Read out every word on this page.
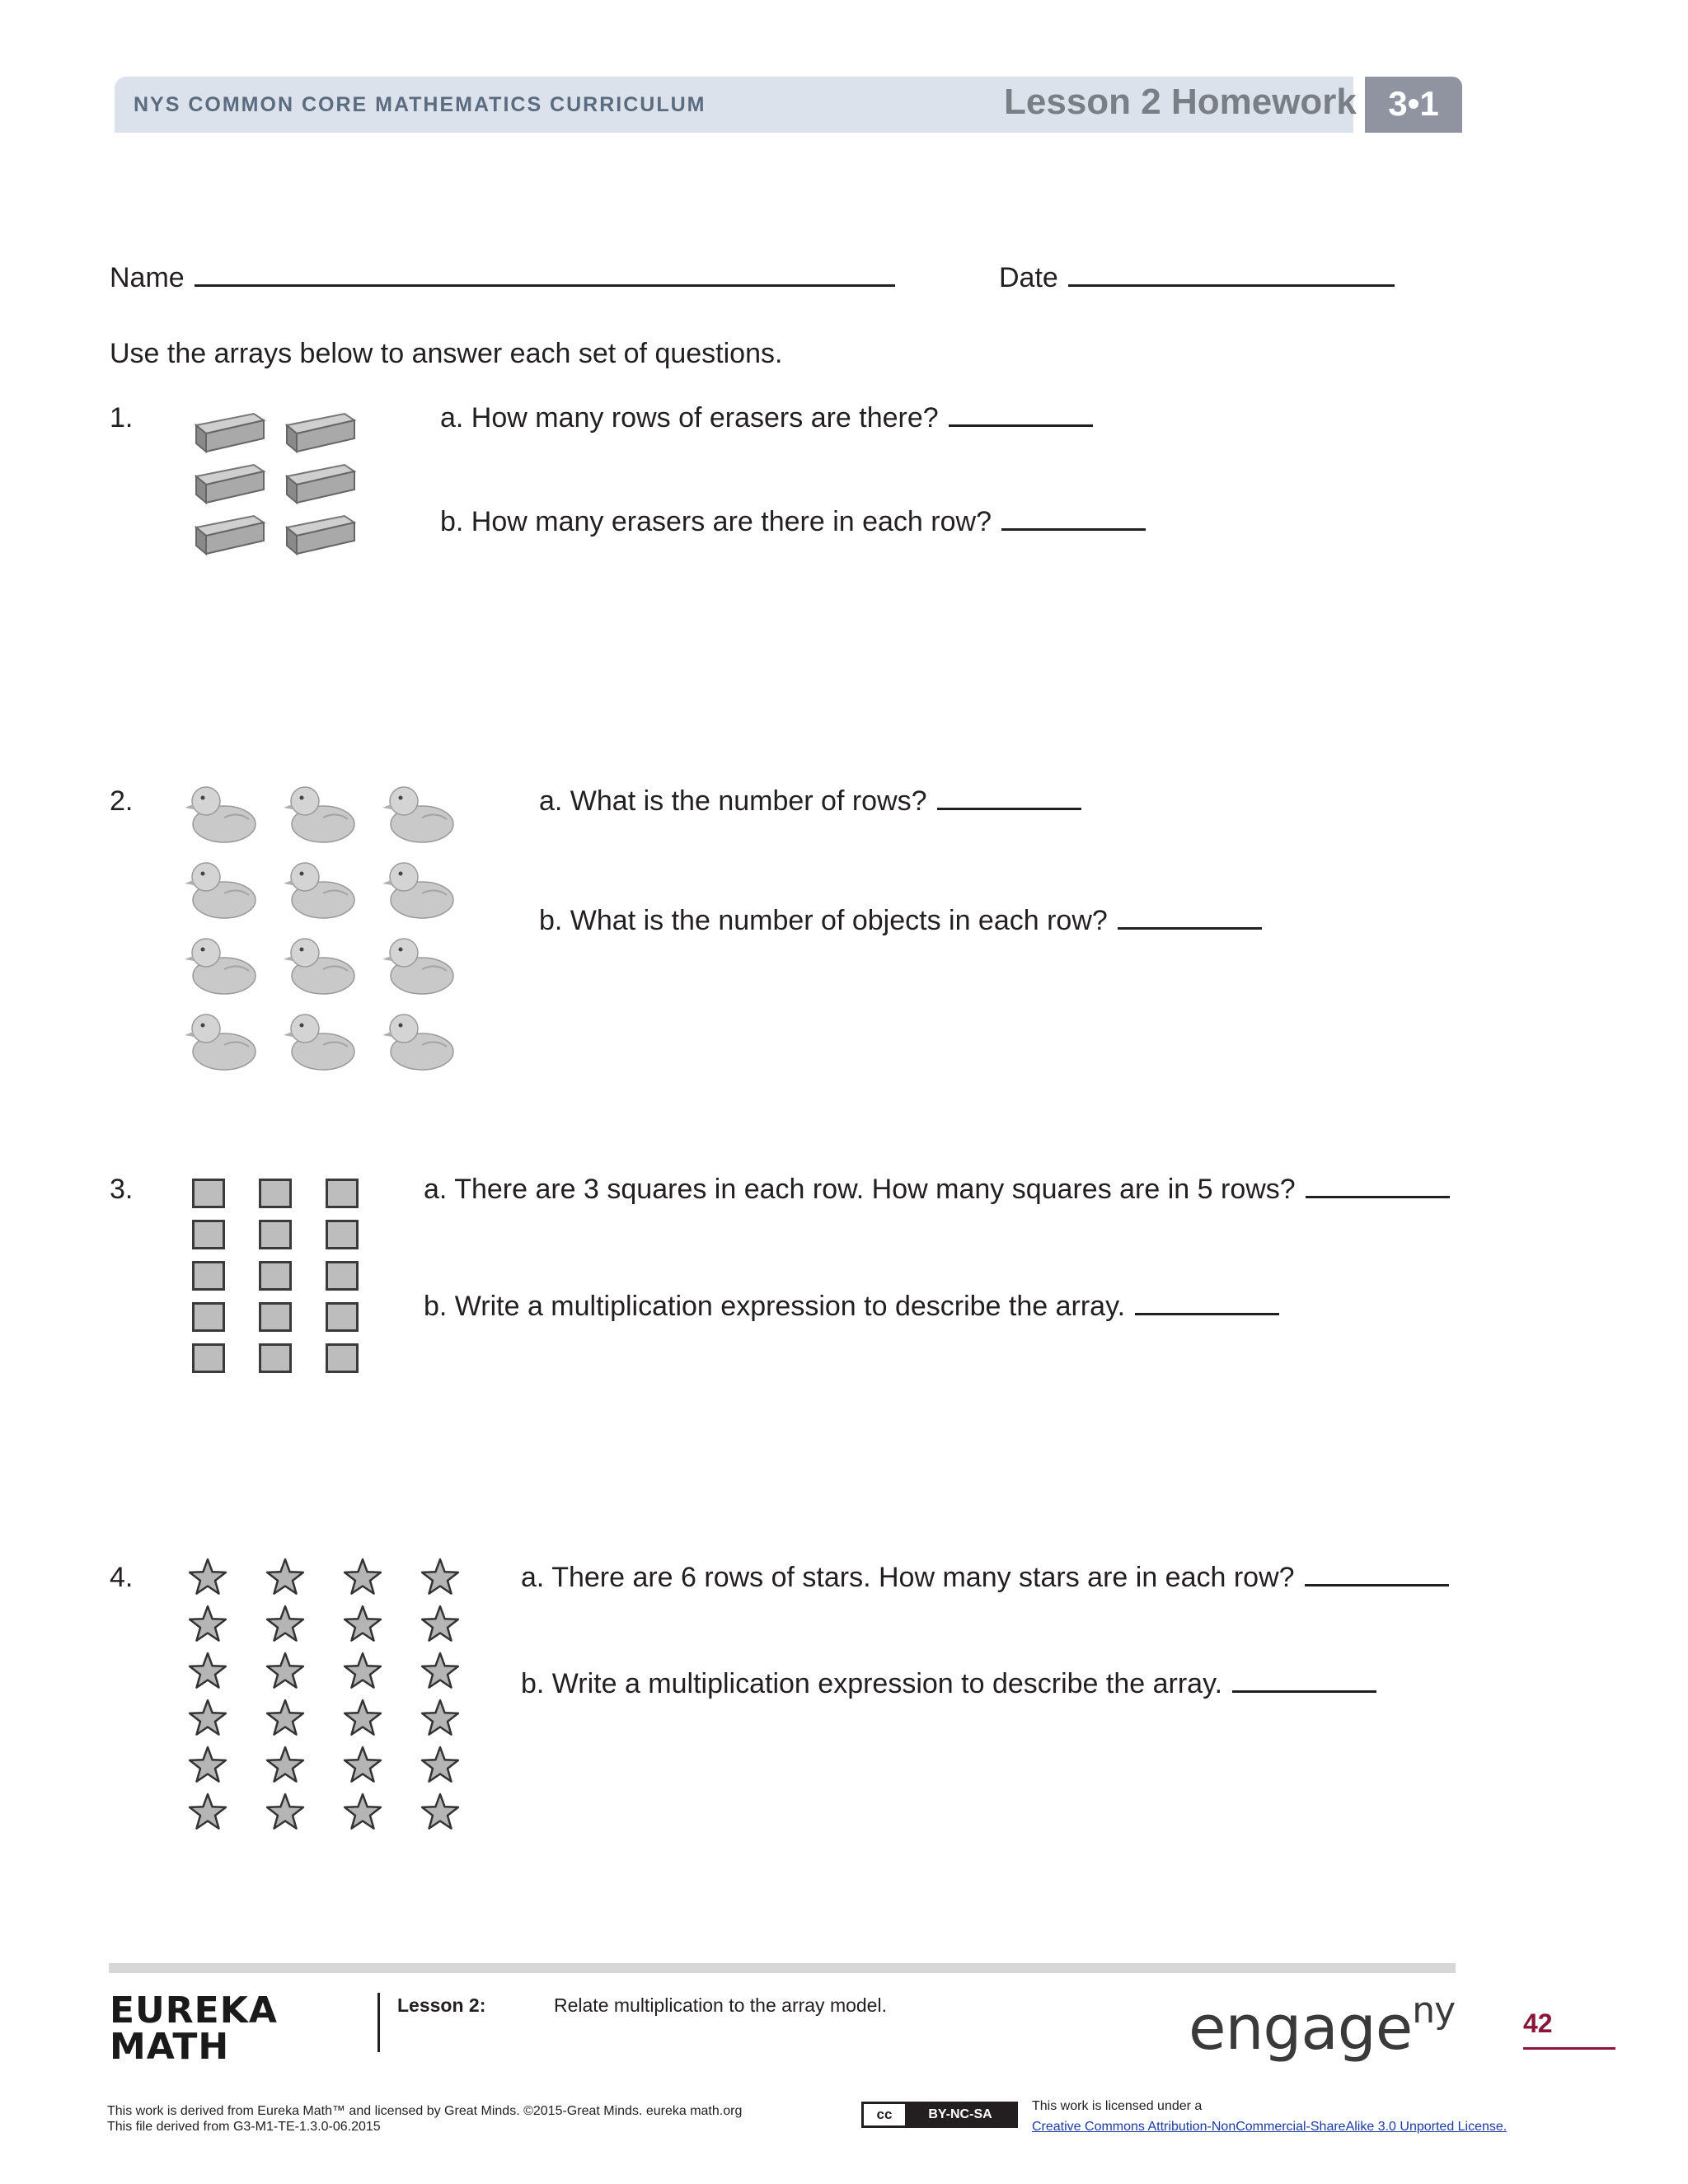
NYS COMMON CORE MATHEMATICS CURRICULUM	Lesson 2 Homework 3•1
Name	Date
Use the arrays below to answer each set of questions.
1.	a. How many rows of erasers are there?
b. How many erasers are there in each row?
2.	a. What is the number of rows?
b. What is the number of objects in each row?
3.	a. There are 3 squares in each row. How many squares are in 5 rows?
b. Write a multiplication expression to describe the array.
4.	a. There are 6 rows of stars. How many stars are in each row?
b. Write a multiplication expression to describe the array.
EUREKA
MATH
Lesson 2:	Relate multiplication to the array model.	engage$^{ny}$	42
This work is derived from Eureka Math™ and licensed by Great Minds. ©2015-Great Minds. eureka math.org
This file derived from G3-M1-TE-1.3.0-06.2015
cc	BY-NC-SA
This work is licensed under a
Creative Commons Attribution-NonCommercial-ShareAlike 3.0 Unported License.
